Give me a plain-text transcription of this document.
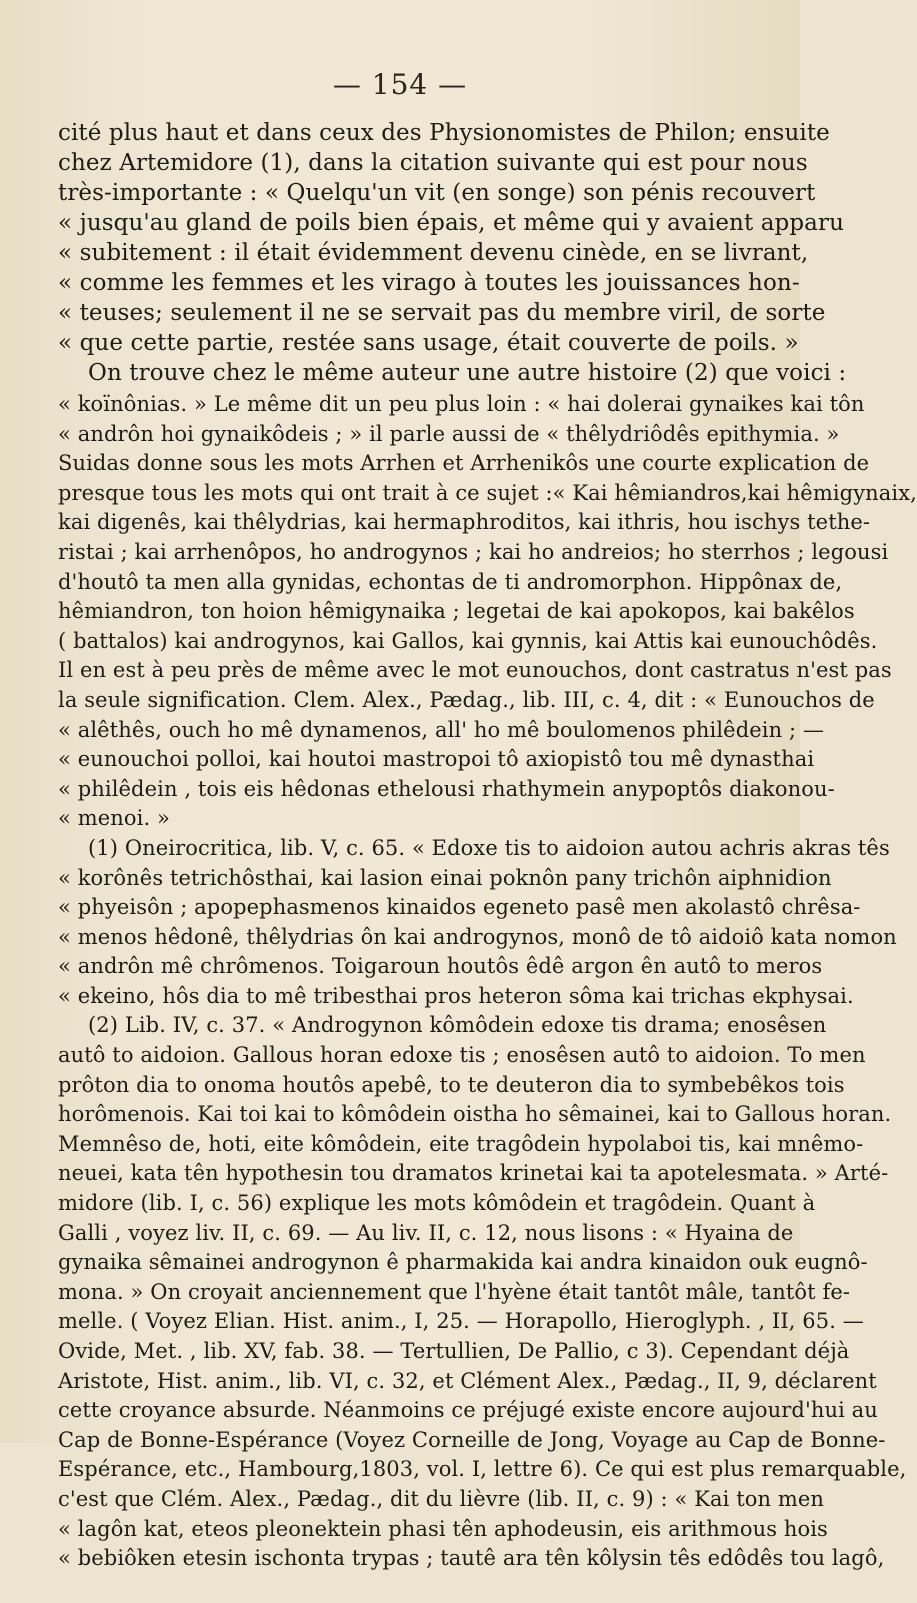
— 154 —
cité plus haut et dans ceux des Physionomistes de Philon; ensuite
chez Artemidore (1), dans la citation suivante qui est pour nous
très-importante : « Quelqu'un vit (en songe) son pénis recouvert
« jusqu'au gland de poils bien épais, et même qui y avaient apparu
« subitement : il était évidemment devenu cinède, en se livrant,
« comme les femmes et les virago à toutes les jouissances hon-
« teuses; seulement il ne se servait pas du membre viril, de sorte
« que cette partie, restée sans usage, était couverte de poils. »
On trouve chez le même auteur une autre histoire (2) que voici :
« koïnônias. » Le même dit un peu plus loin : « hai dolerai gynaikes kai tôn
« andrôn hoi gynaikôdeis ; » il parle aussi de « thêlydriôdês epithymia. »
Suidas donne sous les mots Arrhen et Arrhenikôs une courte explication de
presque tous les mots qui ont trait à ce sujet :« Kai hêmiandros,kai hêmigynaix,
kai digenês, kai thêlydrias, kai hermaphroditos, kai ithris, hou ischys tethe-
ristai ; kai arrhenôpos, ho androgynos ; kai ho andreios; ho sterrhos ; legousi
d'houtô ta men alla gynidas, echontas de ti andromorphon. Hippônax de,
hêmiandron, ton hoion hêmigynaika ; legetai de kai apokopos, kai bakêlos
( battalos) kai androgynos, kai Gallos, kai gynnis, kai Attis kai eunouchôdês.
Il en est à peu près de même avec le mot eunouchos, dont castratus n'est pas
la seule signification. Clem. Alex., Pædag., lib. III, c. 4, dit : « Eunouchos de
« alêthês, ouch ho mê dynamenos, all' ho mê boulomenos philêdein ; —
« eunouchoi polloi, kai houtoi mastropoi tô axiopistô tou mê dynasthai
« philêdein , tois eis hêdonas ethelousi rhathymein anypoptôs diakonou-
« menoi. »
(1) Oneirocritica, lib. V, c. 65. « Edoxe tis to aidoion autou achris akras tês
« korônês tetrichôsthai, kai lasion einai poknôn pany trichôn aiphnidion
« phyeisôn ; apopephasmenos kinaidos egeneto pasê men akolastô chrêsa-
« menos hêdonê, thêlydrias ôn kai androgynos, monô de tô aidoiô kata nomon
« andrôn mê chrômenos. Toigaroun houtôs êdê argon ên autô to meros
« ekeino, hôs dia to mê tribesthai pros heteron sôma kai trichas ekphysai.
(2) Lib. IV, c. 37. « Androgynon kômôdein edoxe tis drama; enosêsen
autô to aidoion. Gallous horan edoxe tis ; enosêsen autô to aidoion. To men
prôton dia to onoma houtôs apebê, to te deuteron dia to symbebêkos tois
horômenois. Kai toi kai to kômôdein oistha ho sêmainei, kai to Gallous horan.
Memnêso de, hoti, eite kômôdein, eite tragôdein hypolaboi tis, kai mnêmo-
neuei, kata tên hypothesin tou dramatos krinetai kai ta apotelesmata. » Arté-
midore (lib. I, c. 56) explique les mots kômôdein et tragôdein. Quant à
Galli , voyez liv. II, c. 69. — Au liv. II, c. 12, nous lisons : « Hyaina de
gynaika sêmainei androgynon ê pharmakida kai andra kinaidon ouk eugnô-
mona. » On croyait anciennement que l'hyène était tantôt mâle, tantôt fe-
melle. ( Voyez Elian. Hist. anim., I, 25. — Horapollo, Hieroglyph. , II, 65. —
Ovide, Met. , lib. XV, fab. 38. — Tertullien, De Pallio, c 3). Cependant déjà
Aristote, Hist. anim., lib. VI, c. 32, et Clément Alex., Pædag., II, 9, déclarent
cette croyance absurde. Néanmoins ce préjugé existe encore aujourd'hui au
Cap de Bonne-Espérance (Voyez Corneille de Jong, Voyage au Cap de Bonne-
Espérance, etc., Hambourg,1803, vol. I, lettre 6). Ce qui est plus remarquable,
c'est que Clém. Alex., Pædag., dit du lièvre (lib. II, c. 9) : « Kai ton men
« lagôn kat, eteos pleonektein phasi tên aphodeusin, eis arithmous hois
« bebiôken etesin ischonta trypas ; tautê ara tên kôlysin tês edôdês tou lagô,
